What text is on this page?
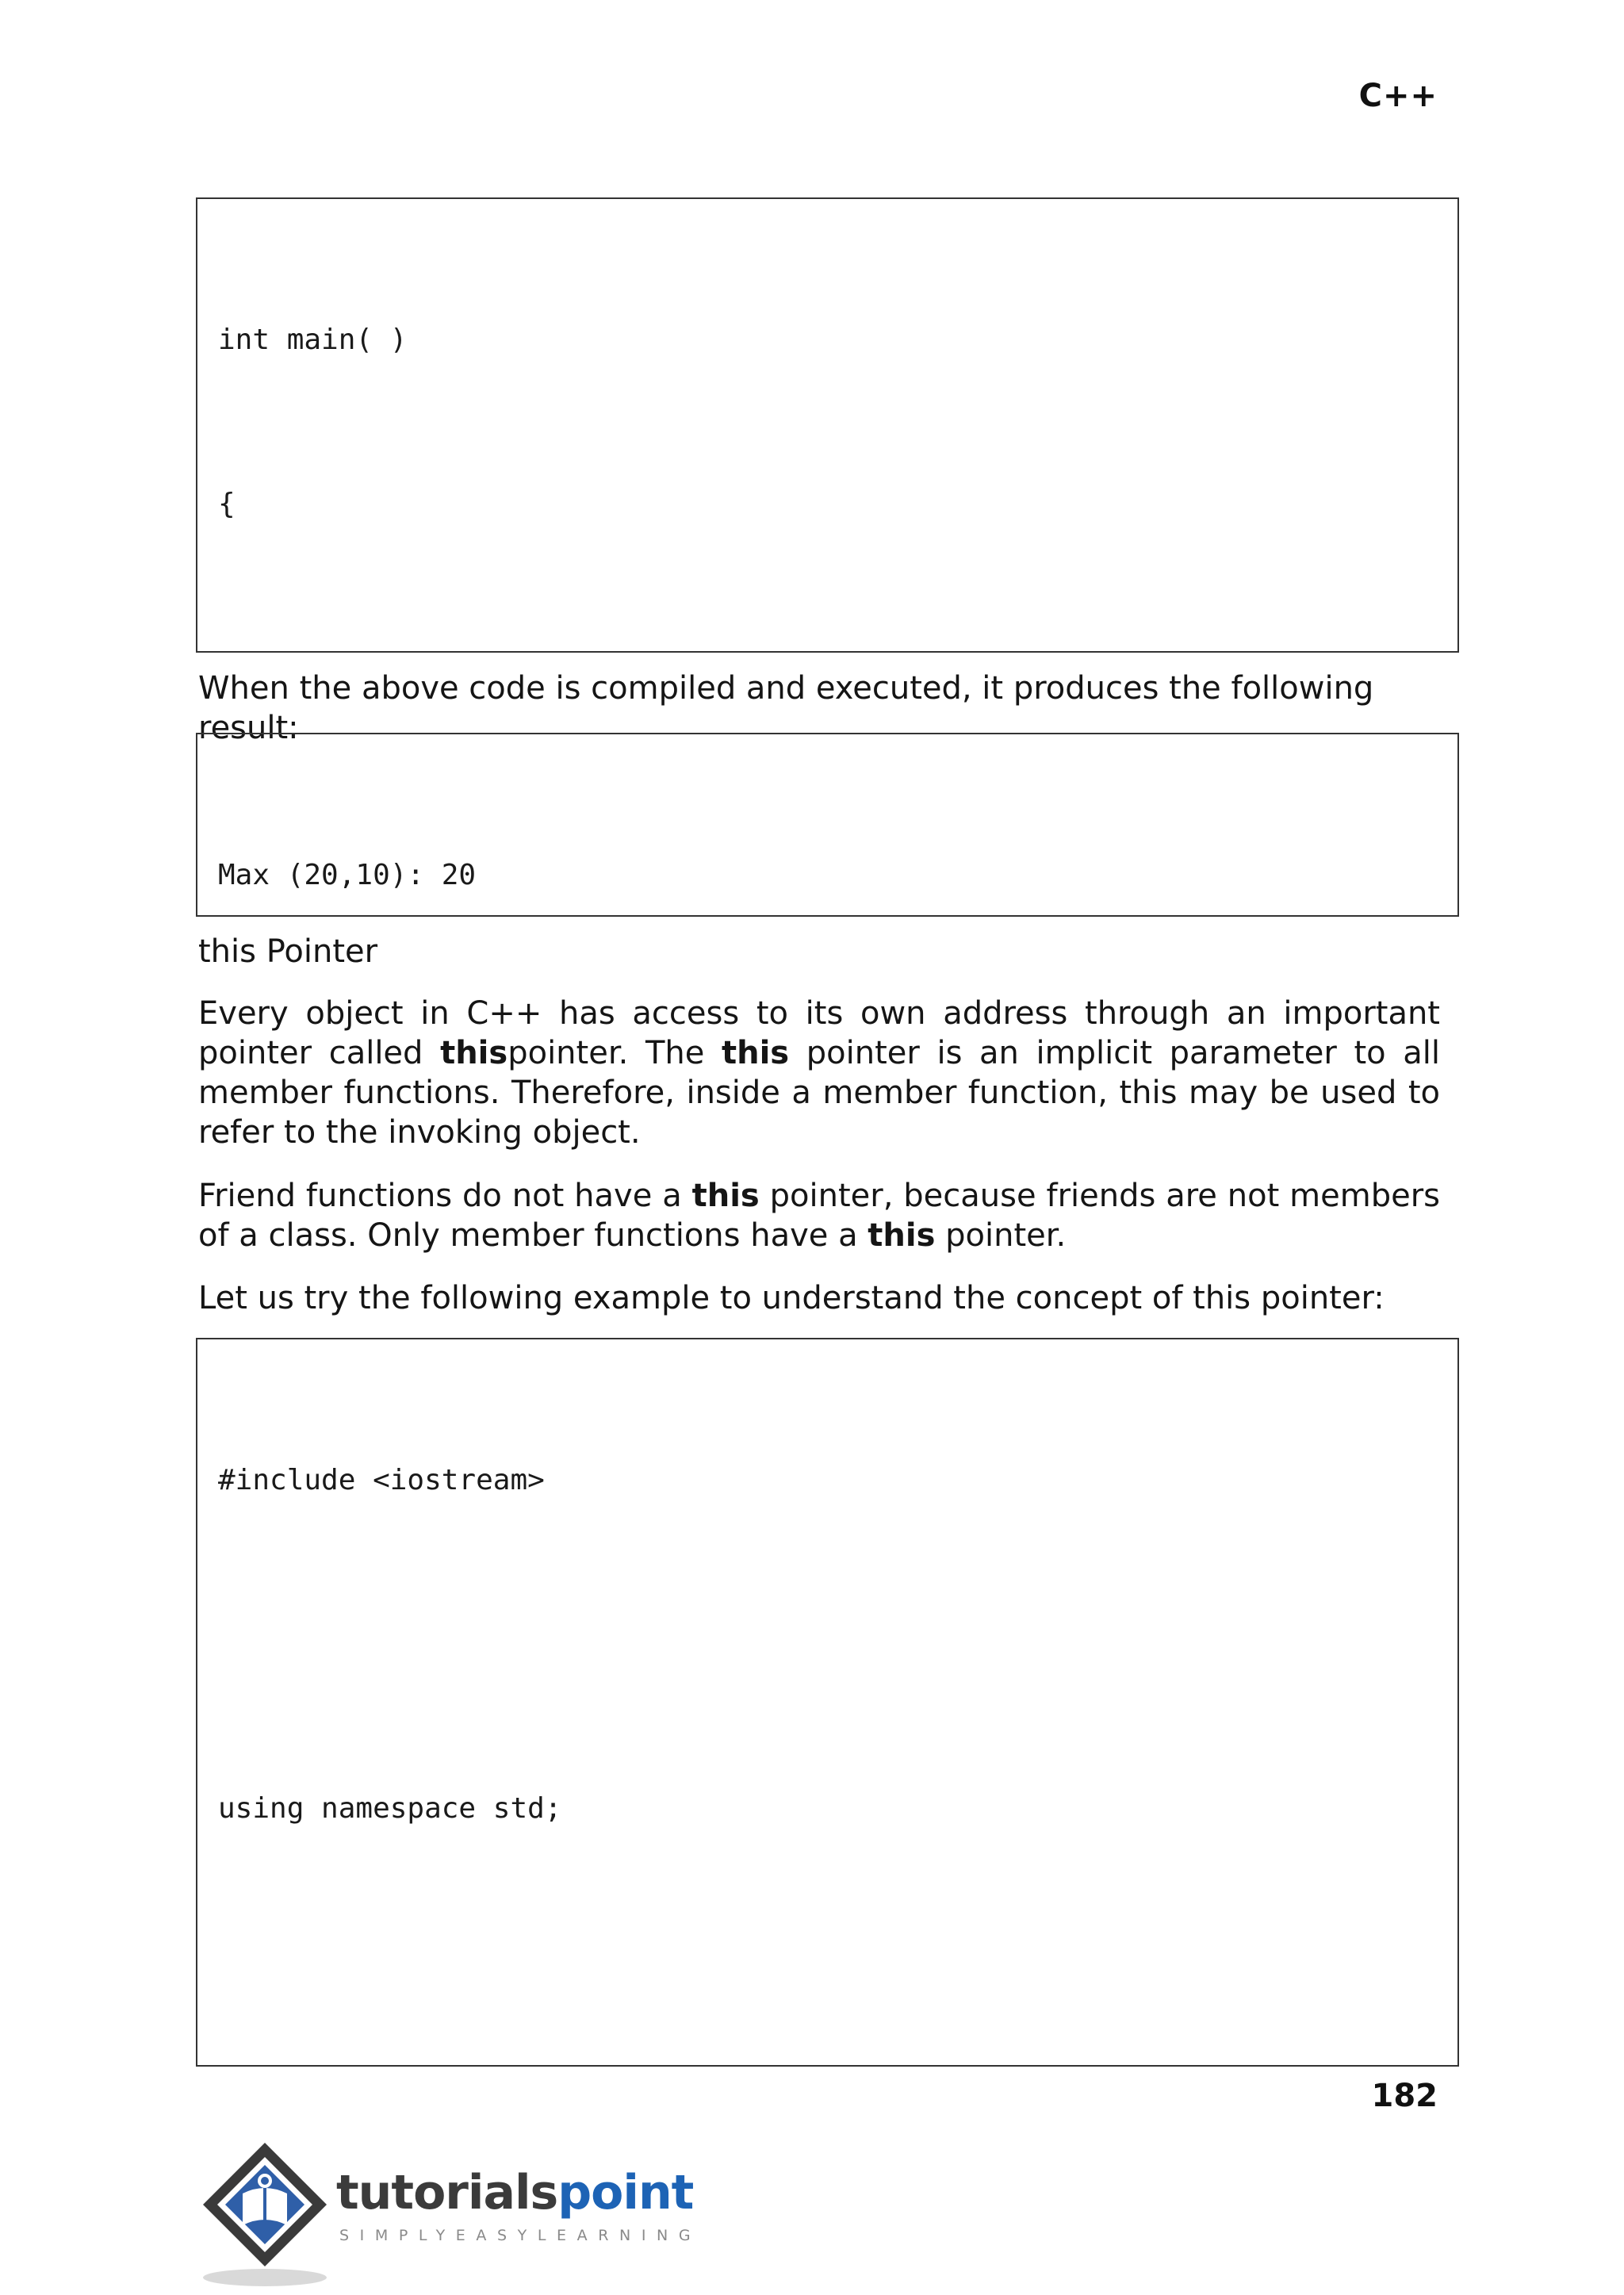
C++

int main( )

{

When the above code is compiled and executed, it produces the following result:

Max (20,10): 20

this Pointer

Every object in C++ has access to its own address through an important pointer called thispointer. The this pointer is an implicit parameter to all member functions. Therefore, inside a member function, this may be used to refer to the invoking object.

Friend functions do not have a this pointer, because friends are not members of a class. Only member functions have a this pointer.

Let us try the following example to understand the concept of this pointer:

#include <iostream>

using namespace std;

182
tutorialspoint
SIMPLYEASYLEARNING
